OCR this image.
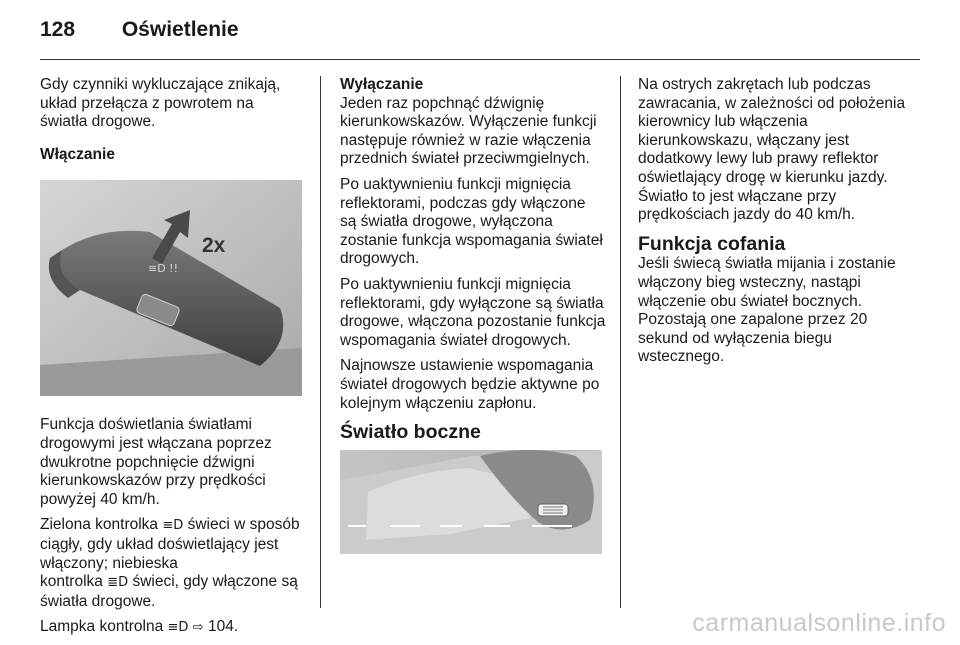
128 Oświetlenie

Gdy czynniki wykluczające znikają, układ przełącza z powrotem na światła drogowe.

Włączanie

≡D !!
2x

Funkcja doświetlania światłami drogowymi jest włączana poprzez dwukrotne popchnięcie dźwigni kierunkowskazów przy prędkości powyżej 40 km/h.

Zielona kontrolka ≡D świeci w sposób ciągły, gdy układ doświetlający jest włączony; niebieska kontrolka ≣D świeci, gdy włączone są światła drogowe.

Lampka kontrolna ≡D ⇨ 104.

Wyłączanie

Jeden raz popchnąć dźwignię kierunkowskazów. Wyłączenie funkcji następuje również w razie włączenia przednich świateł przeciwmgielnych.

Po uaktywnieniu funkcji mignięcia reflektorami, podczas gdy włączone są światła drogowe, wyłączona zostanie funkcja wspomagania świateł drogowych.

Po uaktywnieniu funkcji mignięcia reflektorami, gdy wyłączone są światła drogowe, włączona pozostanie funkcja wspomagania świateł drogowych.

Najnowsze ustawienie wspomagania świateł drogowych będzie aktywne po kolejnym włączeniu zapłonu.

Światło boczne

Na ostrych zakrętach lub podczas zawracania, w zależności od położenia kierownicy lub włączenia kierunkowskazu, włączany jest dodatkowy lewy lub prawy reflektor oświetlający drogę w kierunku jazdy. Światło to jest włączane przy prędkościach jazdy do 40 km/h.

Funkcja cofania

Jeśli świecą światła mijania i zostanie włączony bieg wsteczny, nastąpi włączenie obu świateł bocznych. Pozostają one zapalone przez 20 sekund od wyłączenia biegu wstecznego.

carmanualsonline.info
